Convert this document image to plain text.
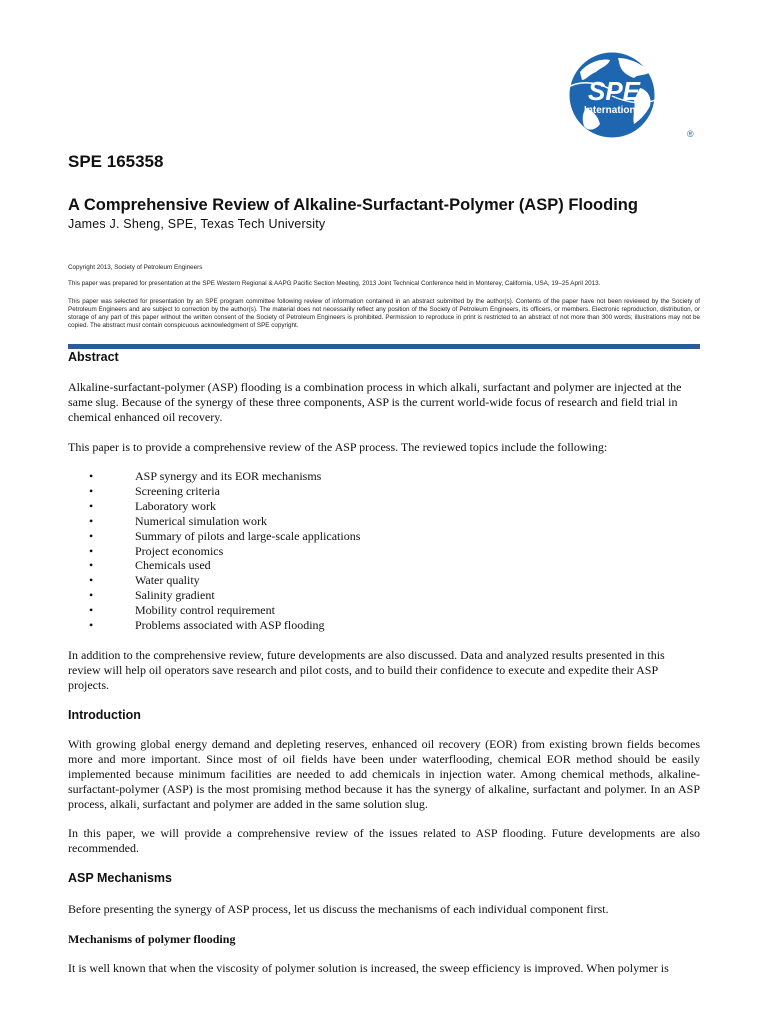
SPE
International
®
SPE 165358
A Comprehensive Review of Alkaline-Surfactant-Polymer (ASP) Flooding

James J. Sheng, SPE, Texas Tech University

Copyright 2013, Society of Petroleum Engineers

This paper was prepared for presentation at the SPE Western Regional & AAPG Pacific Section Meeting, 2013 Joint Technical Conference held in Monterey, California, USA, 19–25 April 2013.

This paper was selected for presentation by an SPE program committee following review of information contained in an abstract submitted by the author(s). Contents of the paper have not been reviewed by the Society of Petroleum Engineers and are subject to correction by the author(s). The material does not necessarily reflect any position of the Society of Petroleum Engineers, its officers, or members. Electronic reproduction, distribution, or storage of any part of this paper without the written consent of the Society of Petroleum Engineers is prohibited. Permission to reproduce in print is restricted to an abstract of not more than 300 words; illustrations may not be copied. The abstract must contain conspicuous acknowledgment of SPE copyright.

Abstract

Alkaline-surfactant-polymer (ASP) flooding is a combination process in which alkali, surfactant and polymer are injected at the same slug. Because of the synergy of these three components, ASP is the current world-wide focus of research and field trial in chemical enhanced oil recovery.

This paper is to provide a comprehensive review of the ASP process. The reviewed topics include the following:

•	ASP synergy and its EOR mechanisms
•	Screening criteria
•	Laboratory work
•	Numerical simulation work
•	Summary of pilots and large-scale applications
•	Project economics
•	Chemicals used
•	Water quality
•	Salinity gradient
•	Mobility control requirement
•	Problems associated with ASP flooding

In addition to the comprehensive review, future developments are also discussed. Data and analyzed results presented in this review will help oil operators save research and pilot costs, and to build their confidence to execute and expedite their ASP projects.

Introduction

With growing global energy demand and depleting reserves, enhanced oil recovery (EOR) from existing brown fields becomes more and more important. Since most of oil fields have been under waterflooding, chemical EOR method should be easily implemented because minimum facilities are needed to add chemicals in injection water. Among chemical methods, alkaline-surfactant-polymer (ASP) is the most promising method because it has the synergy of alkaline, surfactant and polymer. In an ASP process, alkali, surfactant and polymer are added in the same solution slug.

In this paper, we will provide a comprehensive review of the issues related to ASP flooding. Future developments are also recommended.

ASP Mechanisms

Before presenting the synergy of ASP process, let us discuss the mechanisms of each individual component first.

Mechanisms of polymer flooding

It is well known that when the viscosity of polymer solution is increased, the sweep efficiency is improved. When polymer is
